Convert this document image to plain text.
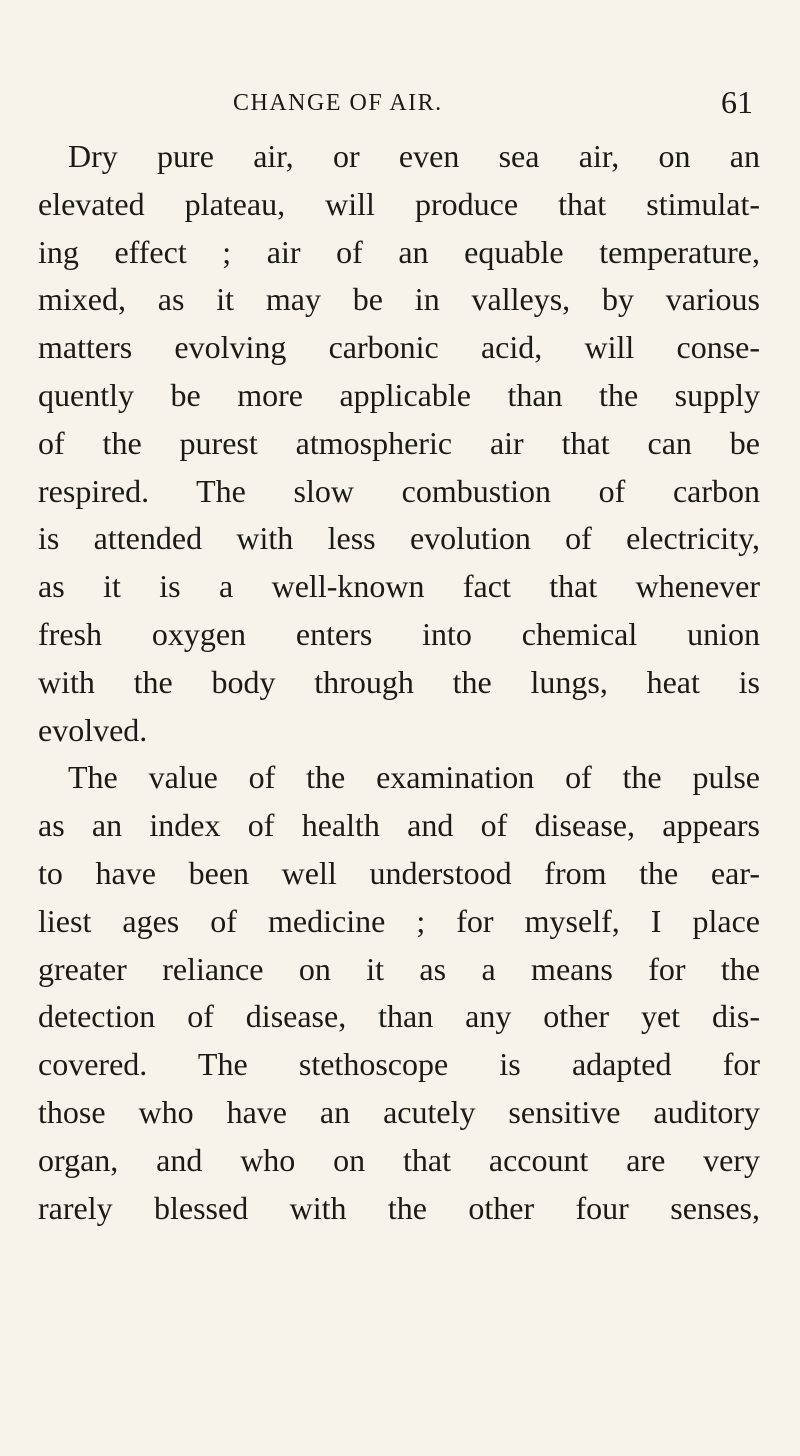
CHANGE OF AIR.	61
Dry pure air, or even sea air, on an
elevated plateau, will produce that stimulat-
ing effect ; air of an equable temperature,
mixed, as it may be in valleys, by various
matters evolving carbonic acid, will conse-
quently be more applicable than the supply
of the purest atmospheric air that can be
respired. The slow combustion of carbon
is attended with less evolution of electricity,
as it is a well-known fact that whenever
fresh oxygen enters into chemical union
with the body through the lungs, heat is
evolved.
The value of the examination of the pulse
as an index of health and of disease, appears
to have been well understood from the ear-
liest ages of medicine ; for myself, I place
greater reliance on it as a means for the
detection of disease, than any other yet dis-
covered. The stethoscope is adapted for
those who have an acutely sensitive auditory
organ, and who on that account are very
rarely blessed with the other four senses,
